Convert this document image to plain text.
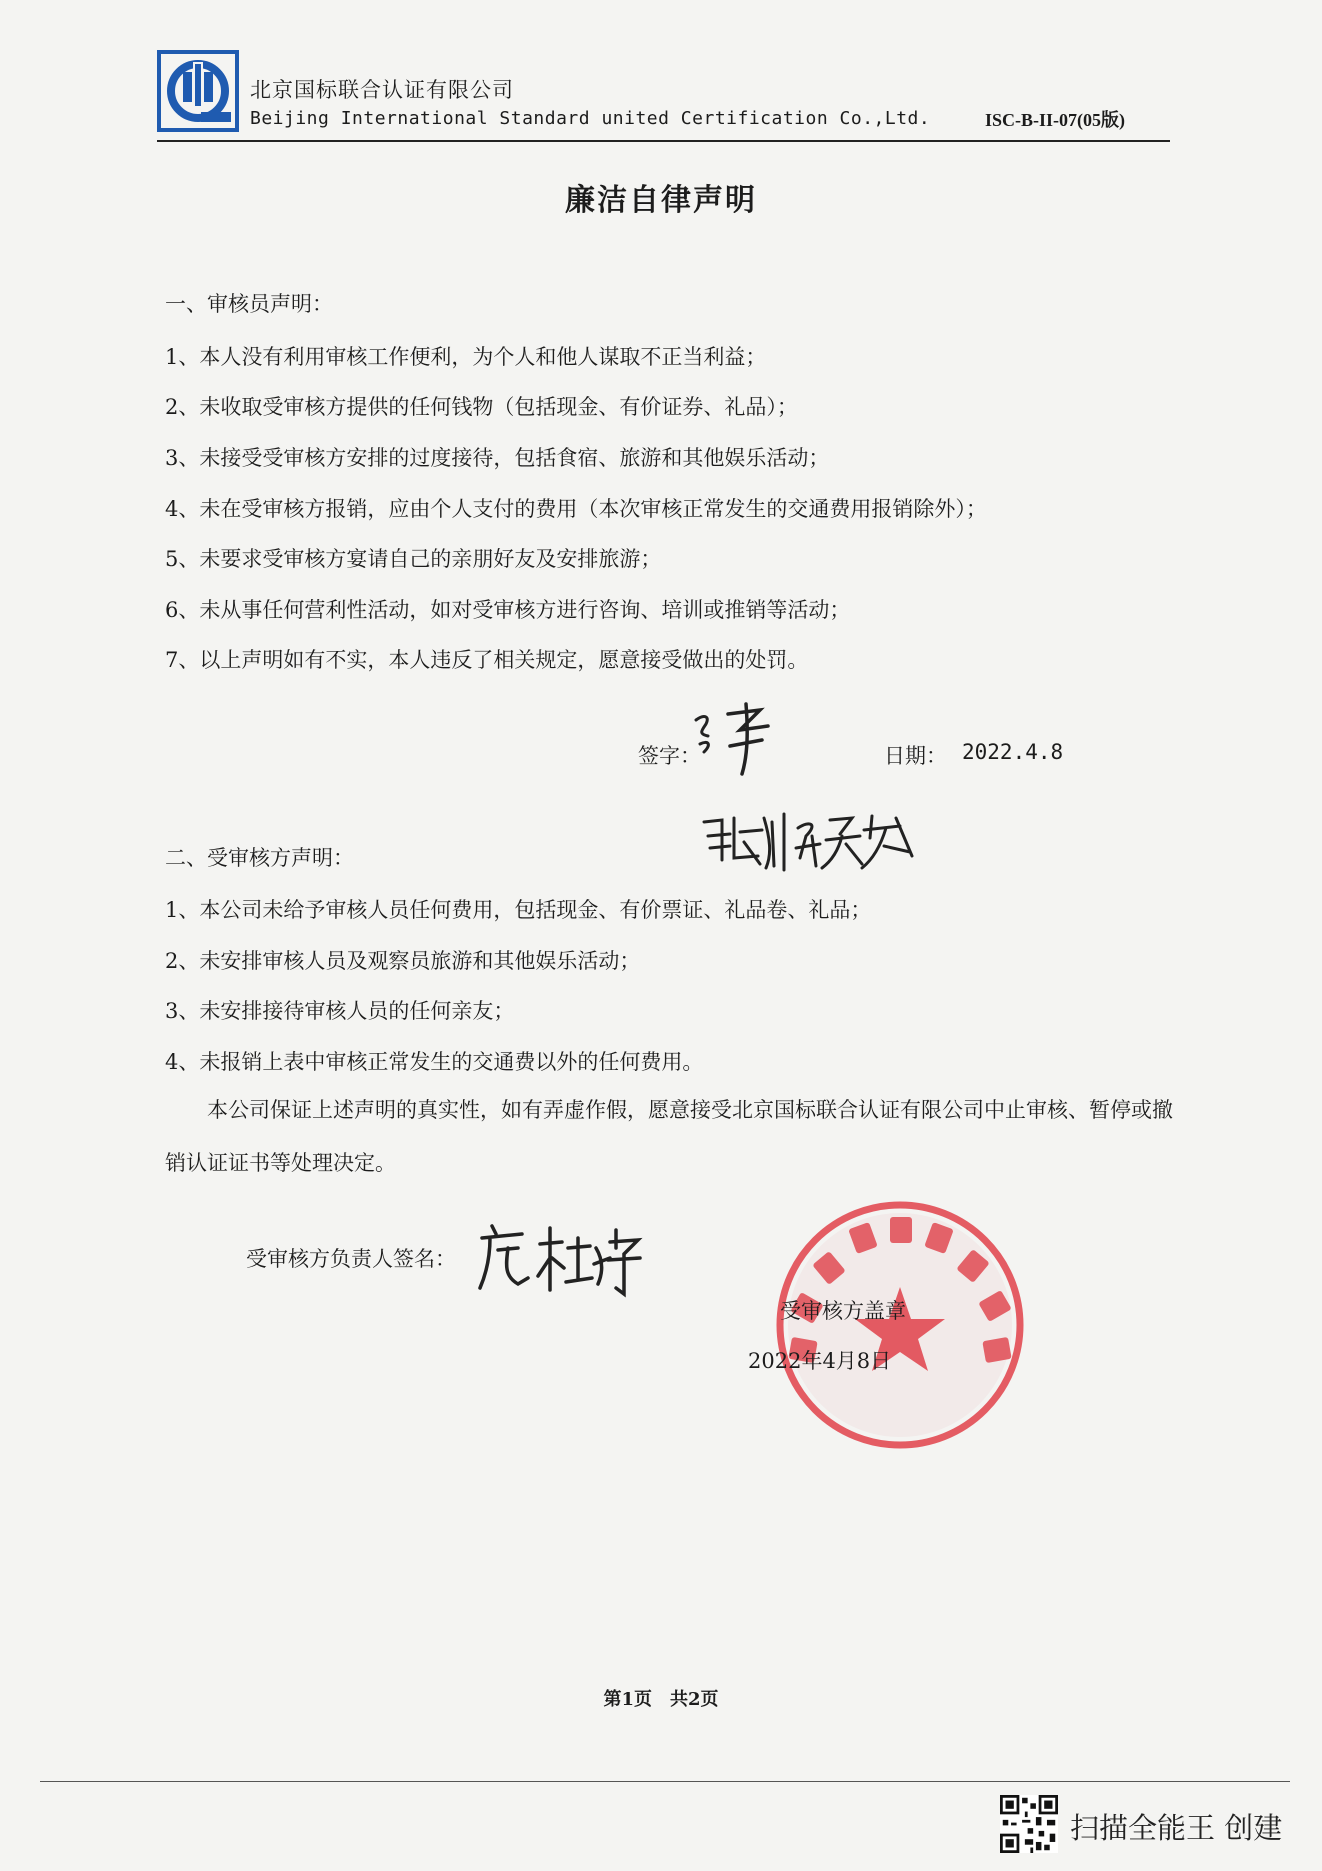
北京国标联合认证有限公司
Beijing International Standard united Certification Co.,Ltd.	ISC-B-II-07(05版)
廉洁自律声明
一、审核员声明：
1、本人没有利用审核工作便利，为个人和他人谋取不正当利益；
2、未收取受审核方提供的任何钱物（包括现金、有价证券、礼品）；
3、未接受受审核方安排的过度接待，包括食宿、旅游和其他娱乐活动；
4、未在受审核方报销，应由个人支付的费用（本次审核正常发生的交通费用报销除外）；
5、未要求受审核方宴请自己的亲朋好友及安排旅游；
6、未从事任何营利性活动，如对受审核方进行咨询、培训或推销等活动；
7、以上声明如有不实，本人违反了相关规定，愿意接受做出的处罚。
签字：	日期： 2022.4.8
二、受审核方声明：
1、本公司未给予审核人员任何费用，包括现金、有价票证、礼品卷、礼品；
2、未安排审核人员及观察员旅游和其他娱乐活动；
3、未安排接待审核人员的任何亲友；
4、未报销上表中审核正常发生的交通费以外的任何费用。
本公司保证上述声明的真实性，如有弄虚作假，愿意接受北京国标联合认证有限公司中止审核、暂停或撤销认证证书等处理决定。
受审核方负责人签名：
受审核方盖章
2022年4月8日
第1页　共2页
扫描全能王 创建
